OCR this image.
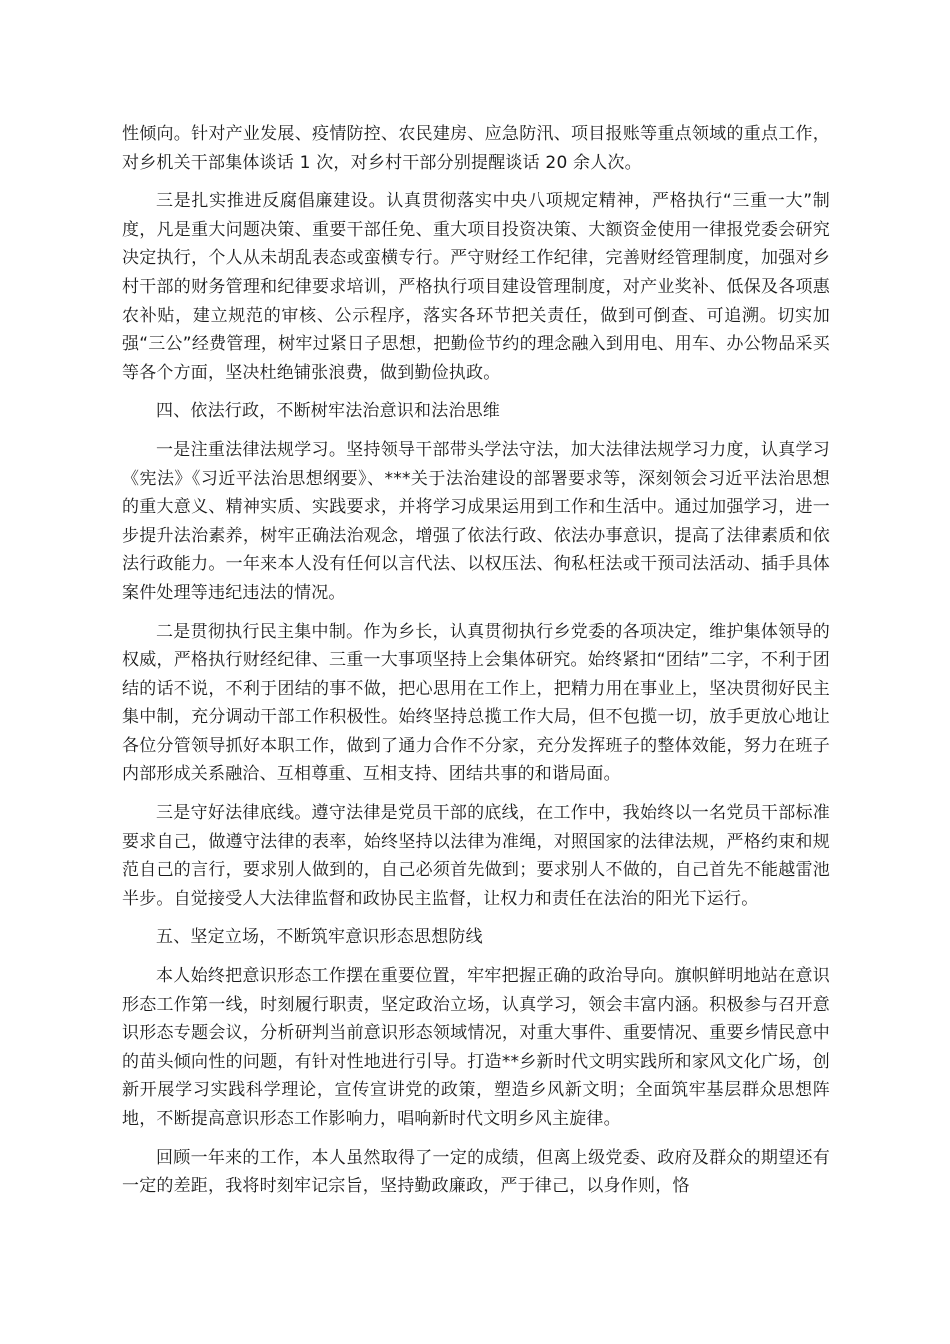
性倾向。针对产业发展、疫情防控、农民建房、应急防汛、项目报账等重点领域的重点工作，对乡机关干部集体谈话 1 次，对乡村干部分别提醒谈话 20 余人次。

三是扎实推进反腐倡廉建设。认真贯彻落实中央八项规定精神，严格执行“三重一大”制度，凡是重大问题决策、重要干部任免、重大项目投资决策、大额资金使用一律报党委会研究决定执行，个人从未胡乱表态或蛮横专行。严守财经工作纪律，完善财经管理制度，加强对乡村干部的财务管理和纪律要求培训，严格执行项目建设管理制度，对产业奖补、低保及各项惠农补贴，建立规范的审核、公示程序，落实各环节把关责任，做到可倒查、可追溯。切实加强“三公”经费管理，树牢过紧日子思想，把勤俭节约的理念融入到用电、用车、办公物品采买等各个方面，坚决杜绝铺张浪费，做到勤俭执政。

四、依法行政，不断树牢法治意识和法治思维

一是注重法律法规学习。坚持领导干部带头学法守法，加大法律法规学习力度，认真学习《宪法》《习近平法治思想纲要》、***关于法治建设的部署要求等，深刻领会习近平法治思想的重大意义、精神实质、实践要求，并将学习成果运用到工作和生活中。通过加强学习，进一步提升法治素养，树牢正确法治观念，增强了依法行政、依法办事意识，提高了法律素质和依法行政能力。一年来本人没有任何以言代法、以权压法、徇私枉法或干预司法活动、插手具体案件处理等违纪违法的情况。

二是贯彻执行民主集中制。作为乡长，认真贯彻执行乡党委的各项决定，维护集体领导的权威，严格执行财经纪律、三重一大事项坚持上会集体研究。始终紧扣“团结”二字，不利于团结的话不说，不利于团结的事不做，把心思用在工作上，把精力用在事业上，坚决贯彻好民主集中制，充分调动干部工作积极性。始终坚持总揽工作大局，但不包揽一切，放手更放心地让各位分管领导抓好本职工作，做到了通力合作不分家，充分发挥班子的整体效能，努力在班子内部形成关系融洽、互相尊重、互相支持、团结共事的和谐局面。

三是守好法律底线。遵守法律是党员干部的底线，在工作中，我始终以一名党员干部标准要求自己，做遵守法律的表率，始终坚持以法律为准绳，对照国家的法律法规，严格约束和规范自己的言行，要求别人做到的，自己必须首先做到；要求别人不做的，自己首先不能越雷池半步。自觉接受人大法律监督和政协民主监督，让权力和责任在法治的阳光下运行。

五、坚定立场，不断筑牢意识形态思想防线

本人始终把意识形态工作摆在重要位置，牢牢把握正确的政治导向。旗帜鲜明地站在意识形态工作第一线，时刻履行职责，坚定政治立场，认真学习，领会丰富内涵。积极参与召开意识形态专题会议，分析研判当前意识形态领域情况，对重大事件、重要情况、重要乡情民意中的苗头倾向性的问题，有针对性地进行引导。打造**乡新时代文明实践所和家风文化广场，创新开展学习实践科学理论，宣传宣讲党的政策，塑造乡风新文明；全面筑牢基层群众思想阵地，不断提高意识形态工作影响力，唱响新时代文明乡风主旋律。

回顾一年来的工作，本人虽然取得了一定的成绩，但离上级党委、政府及群众的期望还有一定的差距，我将时刻牢记宗旨，坚持勤政廉政，严于律己，以身作则，恪
